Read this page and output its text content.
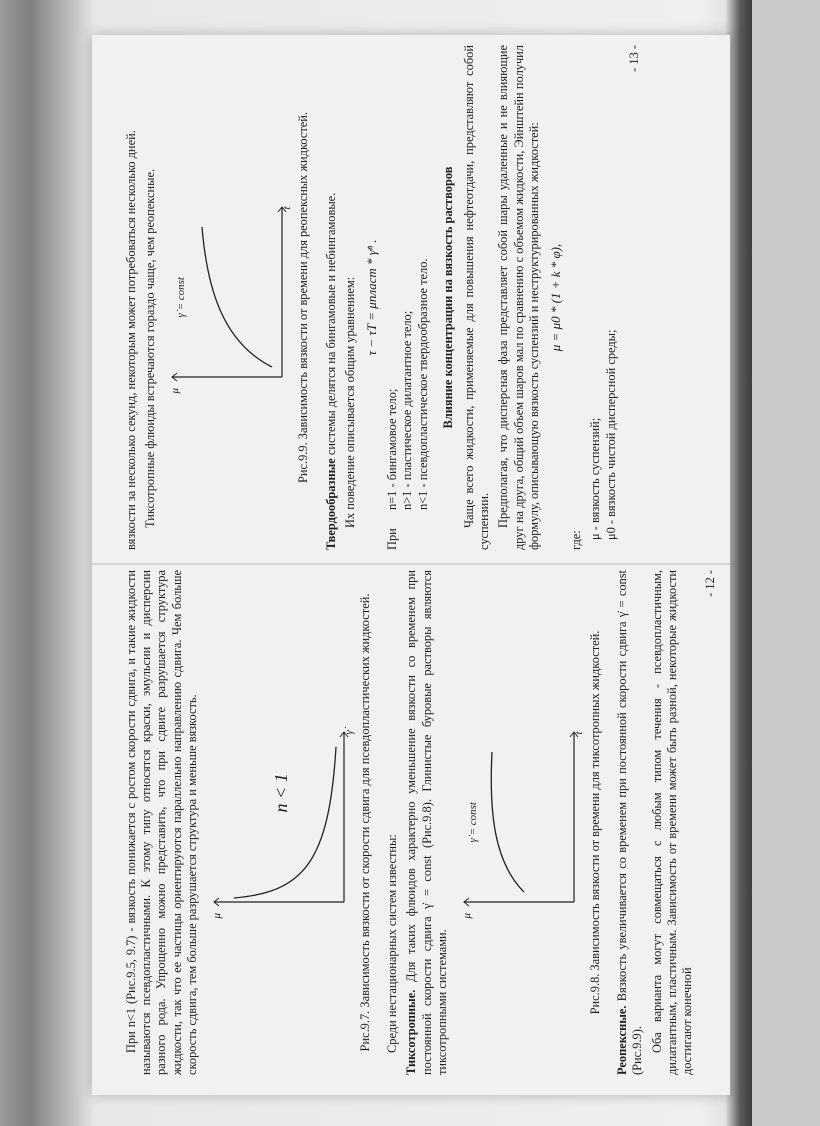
При n<1 (Рис.9.5, 9.7) - вязкость понижается с ростом скорости сдвига, и такие жидкости называются псевдопластичными. К этому типу относятся краски, эмульсии и дисперсии разного рода. Упрощенно можно представить, что при сдвиге разрушается структура жидкости, так что ее частицы ориентируются параллельно направлению сдвига. Чем больше скорость сдвига, тем больше разрушается структура и меньше вязкость. μ
γ̇
n < 1	Рис.9.7. Зависимость вязкости от скорости сдвига для псевдопластических жидкостей. Среди нестационарных систем известны: Тиксотропные. Для таких флюидов характерно уменьшение вязкости со временем при постоянной скорости сдвига γ̇ = const (Рис.9.8). Глинистые буровые растворы являются тиксотропными системами.

μ
t
γ̇ = const	Рис.9.8. Зависимость вязкости от времени для тиксотропных жидкостей.

Реопексные. Вязкость увеличивается со временем при постоянной скорости сдвига γ̇ = const (Рис.9.9). Оба варианта могут совмещаться с любым типом течения - псевдопластичным, дилатантным, пластичным. Зависимость от времени может быть разной, некоторые жидкости достигают конечной

- 12 -

вязкости за несколько секунд, некоторым может потребоваться несколько дней. Тиксотропные флюиды встречаются гораздо чаще, чем реопексные. μ
t
γ̇ = const	Рис.9.9. Зависимость вязкости от времени для реопексных жидкостей.

Твердообразные системы делятся на бингамовые и небингамовые. Их поведение описывается общим уравнением: τ − τT = μпласт * γ̇ⁿ .
При
n=1 - бингамовое тело; n>1 - пластическое дилатантное тело; n<1 - псевдопластическое твердообразное тело. Влияние концентрации на вязкость растворов Чаще всего жидкости, применяемые для повышения нефтеотдачи, представляют собой суспензии. Предполагая, что дисперсная фаза представляет собой шары удаленные и не влияющие друг на друга, общий объем шаров мал по сравнению с объемом жидкости, Эйнштейн получил формулу, описывающую вязкость суспензий и неструктурированных жидкостей: μ = μ0 * (1 + k * φ),

где:

μ - вязкость суспензий; μ0 - вязкость чистой дисперсной среды;
- 13 -
